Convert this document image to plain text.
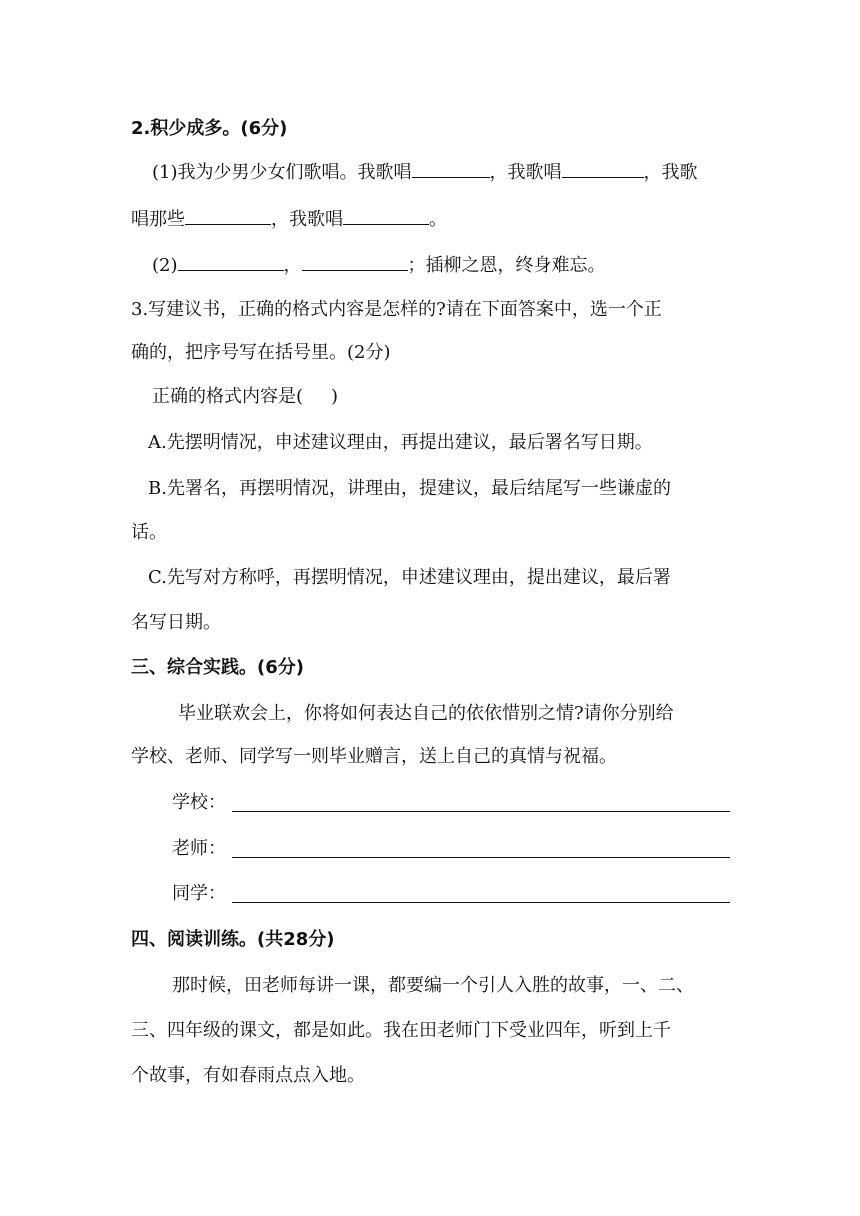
2.积少成多。(6分)
(1)我为少男少女们歌唱。我歌唱	，我歌唱	，我歌
唱那些	，我歌唱	。
(2)	，	；插柳之恩，终身难忘。
3.写建议书，正确的格式内容是怎样的?请在下面答案中，选一个正
确的，把序号写在括号里。(2分)
正确的格式内容是( )
A.先摆明情况，申述建议理由，再提出建议，最后署名写日期。
B.先署名，再摆明情况，讲理由，提建议，最后结尾写一些谦虚的
话。
C.先写对方称呼，再摆明情况，申述建议理由，提出建议，最后署
名写日期。
三、综合实践。(6分)
毕业联欢会上，你将如何表达自己的依依惜别之情?请你分别给
学校、老师、同学写一则毕业赠言，送上自己的真情与祝福。
学校：
老师：
同学：
四、阅读训练。(共28分)
那时候，田老师每讲一课，都要编一个引人入胜的故事，一、二、
三、四年级的课文，都是如此。我在田老师门下受业四年，听到上千
个故事，有如春雨点点入地。
